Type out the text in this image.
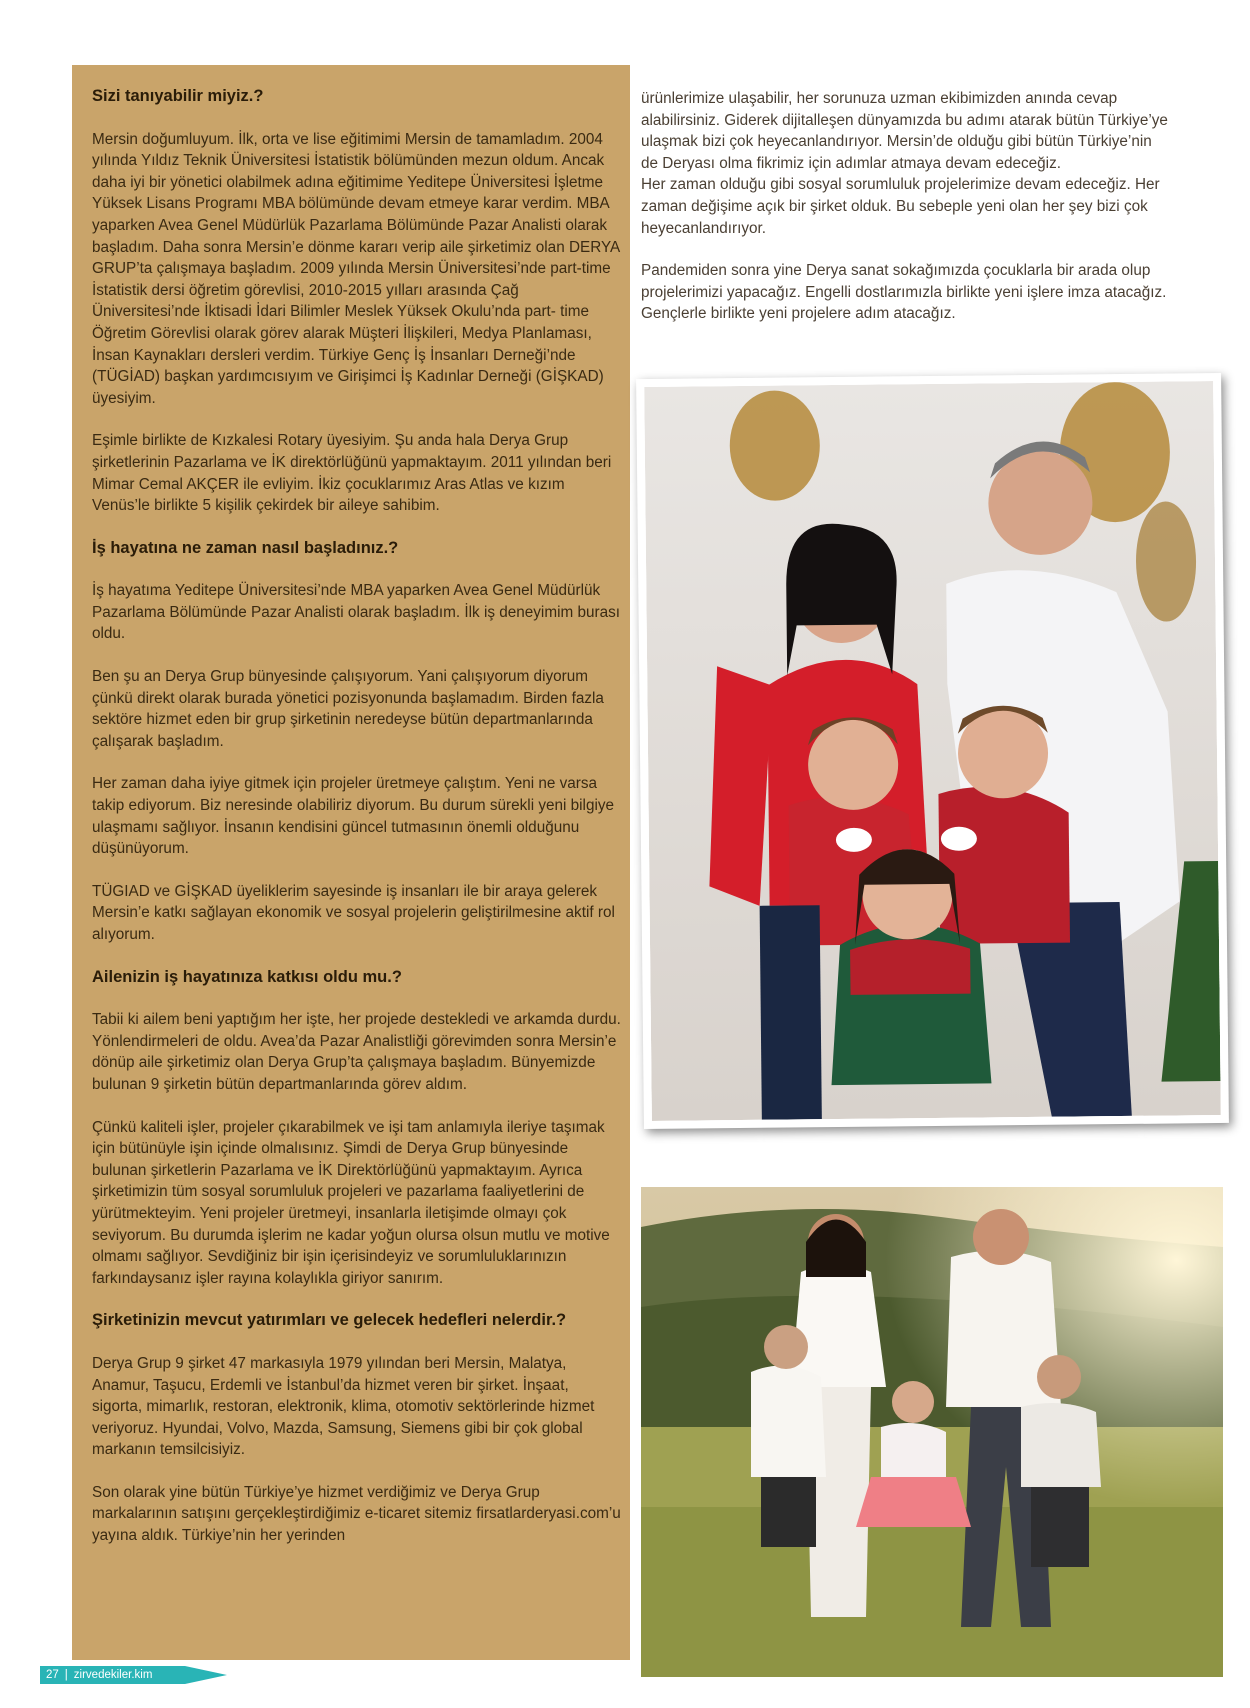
Sizi tanıyabilir miyiz.?

Mersin doğumluyum. İlk, orta ve lise eğitimimi Mersin de tamamladım. 2004 yılında Yıldız Teknik Üniversitesi İstatistik bölümünden mezun oldum. Ancak daha iyi bir yönetici olabilmek adına eğitimime Yeditepe Üniversitesi İşletme Yüksek Lisans Programı MBA bölümünde devam etmeye karar verdim. MBA yaparken Avea Genel Müdürlük Pazarlama Bölümünde Pazar Analisti olarak başladım. Daha sonra Mersin’e dönme kararı verip aile şirketimiz olan DERYA GRUP’ta çalışmaya başladım. 2009 yılında Mersin Üniversitesi’nde part-time İstatistik dersi öğretim görevlisi, 2010-2015 yılları arasında Çağ Üniversitesi’nde İktisadi İdari Bilimler Meslek Yüksek Okulu’nda part- time Öğretim Görevlisi olarak görev alarak Müşteri İlişkileri, Medya Planlaması, İnsan Kaynakları dersleri verdim. Türkiye Genç İş İnsanları Derneği’nde (TÜGİAD) başkan yardımcısıyım ve Girişimci İş Kadınlar Derneği (GİŞKAD) üyesiyim.

Eşimle birlikte de Kızkalesi Rotary üyesiyim. Şu anda hala Derya Grup şirketlerinin Pazarlama ve İK direktörlüğünü yapmaktayım. 2011 yılından beri Mimar Cemal AKÇER ile evliyim. İkiz çocuklarımız Aras Atlas ve kızım Venüs’le birlikte 5 kişilik çekirdek bir aileye sahibim.

İş hayatına ne zaman nasıl başladınız.?

İş hayatıma Yeditepe Üniversitesi’nde MBA yaparken Avea Genel Müdürlük Pazarlama Bölümünde Pazar Analisti olarak başladım. İlk iş deneyimim burası oldu.

Ben şu an Derya Grup bünyesinde çalışıyorum. Yani çalışıyorum diyorum çünkü direkt olarak burada yönetici pozisyonunda başlamadım. Birden fazla sektöre hizmet eden bir grup şirketinin neredeyse bütün departmanlarında çalışarak başladım.

Her zaman daha iyiye gitmek için projeler üretmeye çalıştım. Yeni ne varsa takip ediyorum. Biz neresinde olabiliriz diyorum. Bu durum sürekli yeni bilgiye ulaşmamı sağlıyor. İnsanın kendisini güncel tutmasının önemli olduğunu düşünüyorum.

TÜGIAD ve GİŞKAD üyeliklerim sayesinde iş insanları ile bir araya gelerek Mersin’e katkı sağlayan ekonomik ve sosyal projelerin geliştirilmesine aktif rol alıyorum.

Ailenizin iş hayatınıza katkısı oldu mu.?

Tabii ki ailem beni yaptığım her işte, her projede destekledi ve arkamda durdu. Yönlendirmeleri de oldu. Avea’da Pazar Analistliği görevimden sonra Mersin’e dönüp aile şirketimiz olan Derya Grup’ta çalışmaya başladım. Bünyemizde bulunan 9 şirketin bütün departmanlarında görev aldım.

Çünkü kaliteli işler, projeler çıkarabilmek ve işi tam anlamıyla ileriye taşımak için bütünüyle işin içinde olmalısınız. Şimdi de Derya Grup bünyesinde bulunan şirketlerin Pazarlama ve İK Direktörlüğünü yapmaktayım. Ayrıca şirketimizin tüm sosyal sorumluluk projeleri ve pazarlama faaliyetlerini de yürütmekteyim. Yeni projeler üretmeyi, insanlarla iletişimde olmayı çok seviyorum. Bu durumda işlerim ne kadar yoğun olursa olsun mutlu ve motive olmamı sağlıyor. Sevdiğiniz bir işin içerisindeyiz ve sorumluluklarınızın farkındaysanız işler rayına kolaylıkla giriyor sanırım.

Şirketinizin mevcut yatırımları ve gelecek hedefleri nelerdir.?

Derya Grup 9 şirket 47 markasıyla 1979 yılından beri Mersin, Malatya, Anamur, Taşucu, Erdemli ve İstanbul’da hizmet veren bir şirket. İnşaat, sigorta, mimarlık, restoran, elektronik, klima, otomotiv sektörlerinde hizmet veriyoruz. Hyundai, Volvo, Mazda, Samsung, Siemens gibi bir çok global markanın temsilcisiyiz.

Son olarak yine bütün Türkiye’ye hizmet verdiğimiz ve Derya Grup markalarının satışını gerçekleştirdiğimiz e-ticaret sitemiz firsatlarderyasi.com’u yayına aldık. Türkiye’nin her yerinden

ürünlerimize ulaşabilir, her sorunuza uzman ekibimizden anında cevap alabilirsiniz. Giderek dijitalleşen dünyamızda bu adımı atarak bütün Türkiye’ye ulaşmak bizi çok heyecanlandırıyor. Mersin’de olduğu gibi bütün Türkiye’nin de Deryası olma fikrimiz için adımlar atmaya devam edeceğiz.

Her zaman olduğu gibi sosyal sorumluluk projelerimize devam edeceğiz. Her zaman değişime açık bir şirket olduk. Bu sebeple yeni olan her şey bizi çok heyecanlandırıyor.

Pandemiden sonra yine Derya sanat sokağımızda çocuklarla bir arada olup projelerimizi yapacağız. Engelli dostlarımızla birlikte yeni işlere imza atacağız. Gençlerle birlikte yeni projelere adım atacağız.

27 | zirvedekiler.kim
